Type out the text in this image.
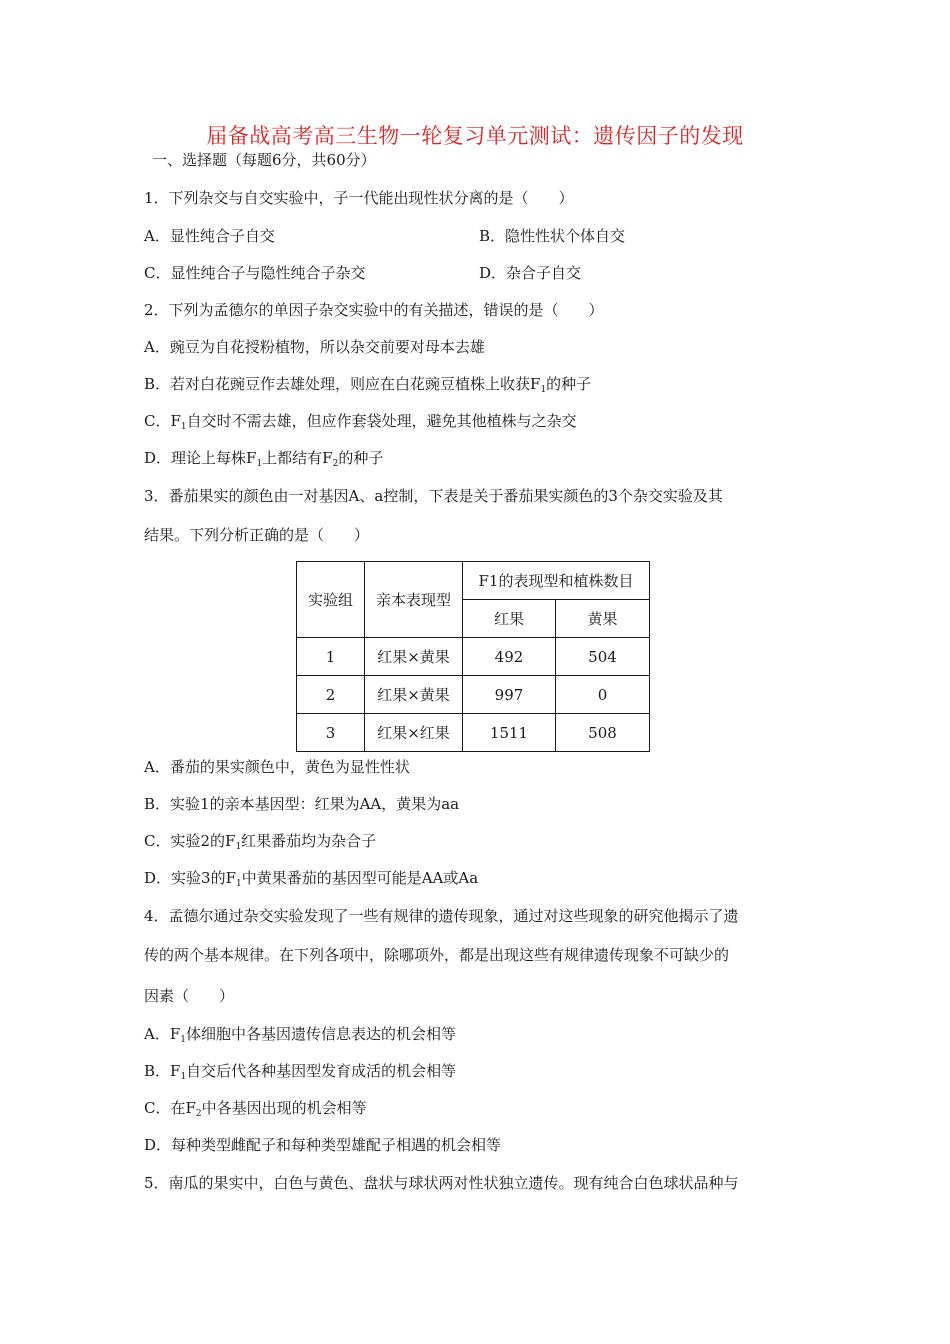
届备战高考高三生物一轮复习单元测试：遗传因子的发现
一、选择题（每题6分，共60分）
1．下列杂交与自交实验中，子一代能出现性状分离的是（　　）
A．显性纯合子自交	B．隐性性状个体自交
C．显性纯合子与隐性纯合子杂交	D．杂合子自交
2．下列为孟德尔的单因子杂交实验中的有关描述，错误的是（　　）
A．豌豆为自花授粉植物，所以杂交前要对母本去雄
B．若对白花豌豆作去雄处理，则应在白花豌豆植株上收获$F_1$的种子
C．$F_1$自交时不需去雄，但应作套袋处理，避免其他植株与之杂交
D．理论上每株$F_1$上都结有$F_2$的种子
3．番茄果实的颜色由一对基因A、a控制，下表是关于番茄果实颜色的3个杂交实验及其
结果。下列分析正确的是（　　）
实验组	亲本表现型	F1的表现型和植株数目	
		红果	黄果
1	红果×黄果	492	504
2	红果×黄果	997	0
3	红果×红果	1511	508
A．番茄的果实颜色中，黄色为显性性状
B．实验1的亲本基因型：红果为AA，黄果为aa
C．实验2的$F_1$红果番茄均为杂合子
D．实验3的$F_1$中黄果番茄的基因型可能是AA或Aa
4．孟德尔通过杂交实验发现了一些有规律的遗传现象，通过对这些现象的研究他揭示了遗
传的两个基本规律。在下列各项中，除哪项外，都是出现这些有规律遗传现象不可缺少的
因素（　　）
A．$F_1$体细胞中各基因遗传信息表达的机会相等
B．$F_1$自交后代各种基因型发育成活的机会相等
C．在$F_2$中各基因出现的机会相等
D．每种类型雌配子和每种类型雄配子相遇的机会相等
5．南瓜的果实中，白色与黄色、盘状与球状两对性状独立遗传。现有纯合白色球状品种与
